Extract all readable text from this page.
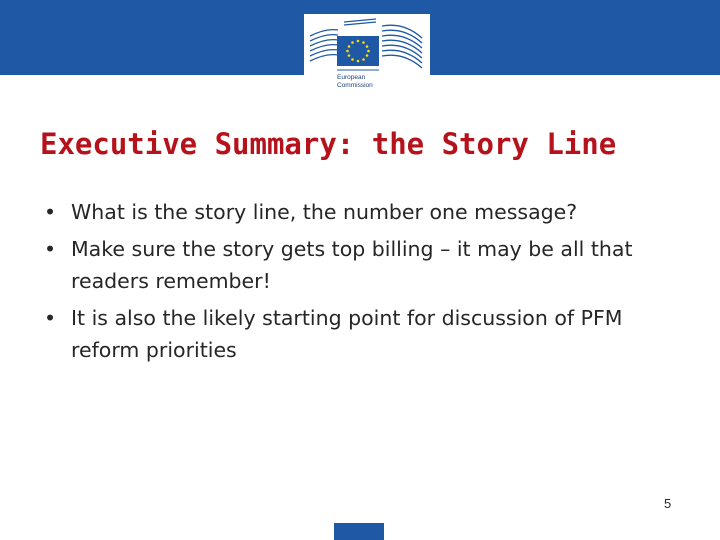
European
Commission
Executive Summary: the Story Line
• What is the story line, the number one message?
• Make sure the story gets top billing – it may be all that readers remember!
• It is also the likely starting point for discussion of PFM reform priorities
5
